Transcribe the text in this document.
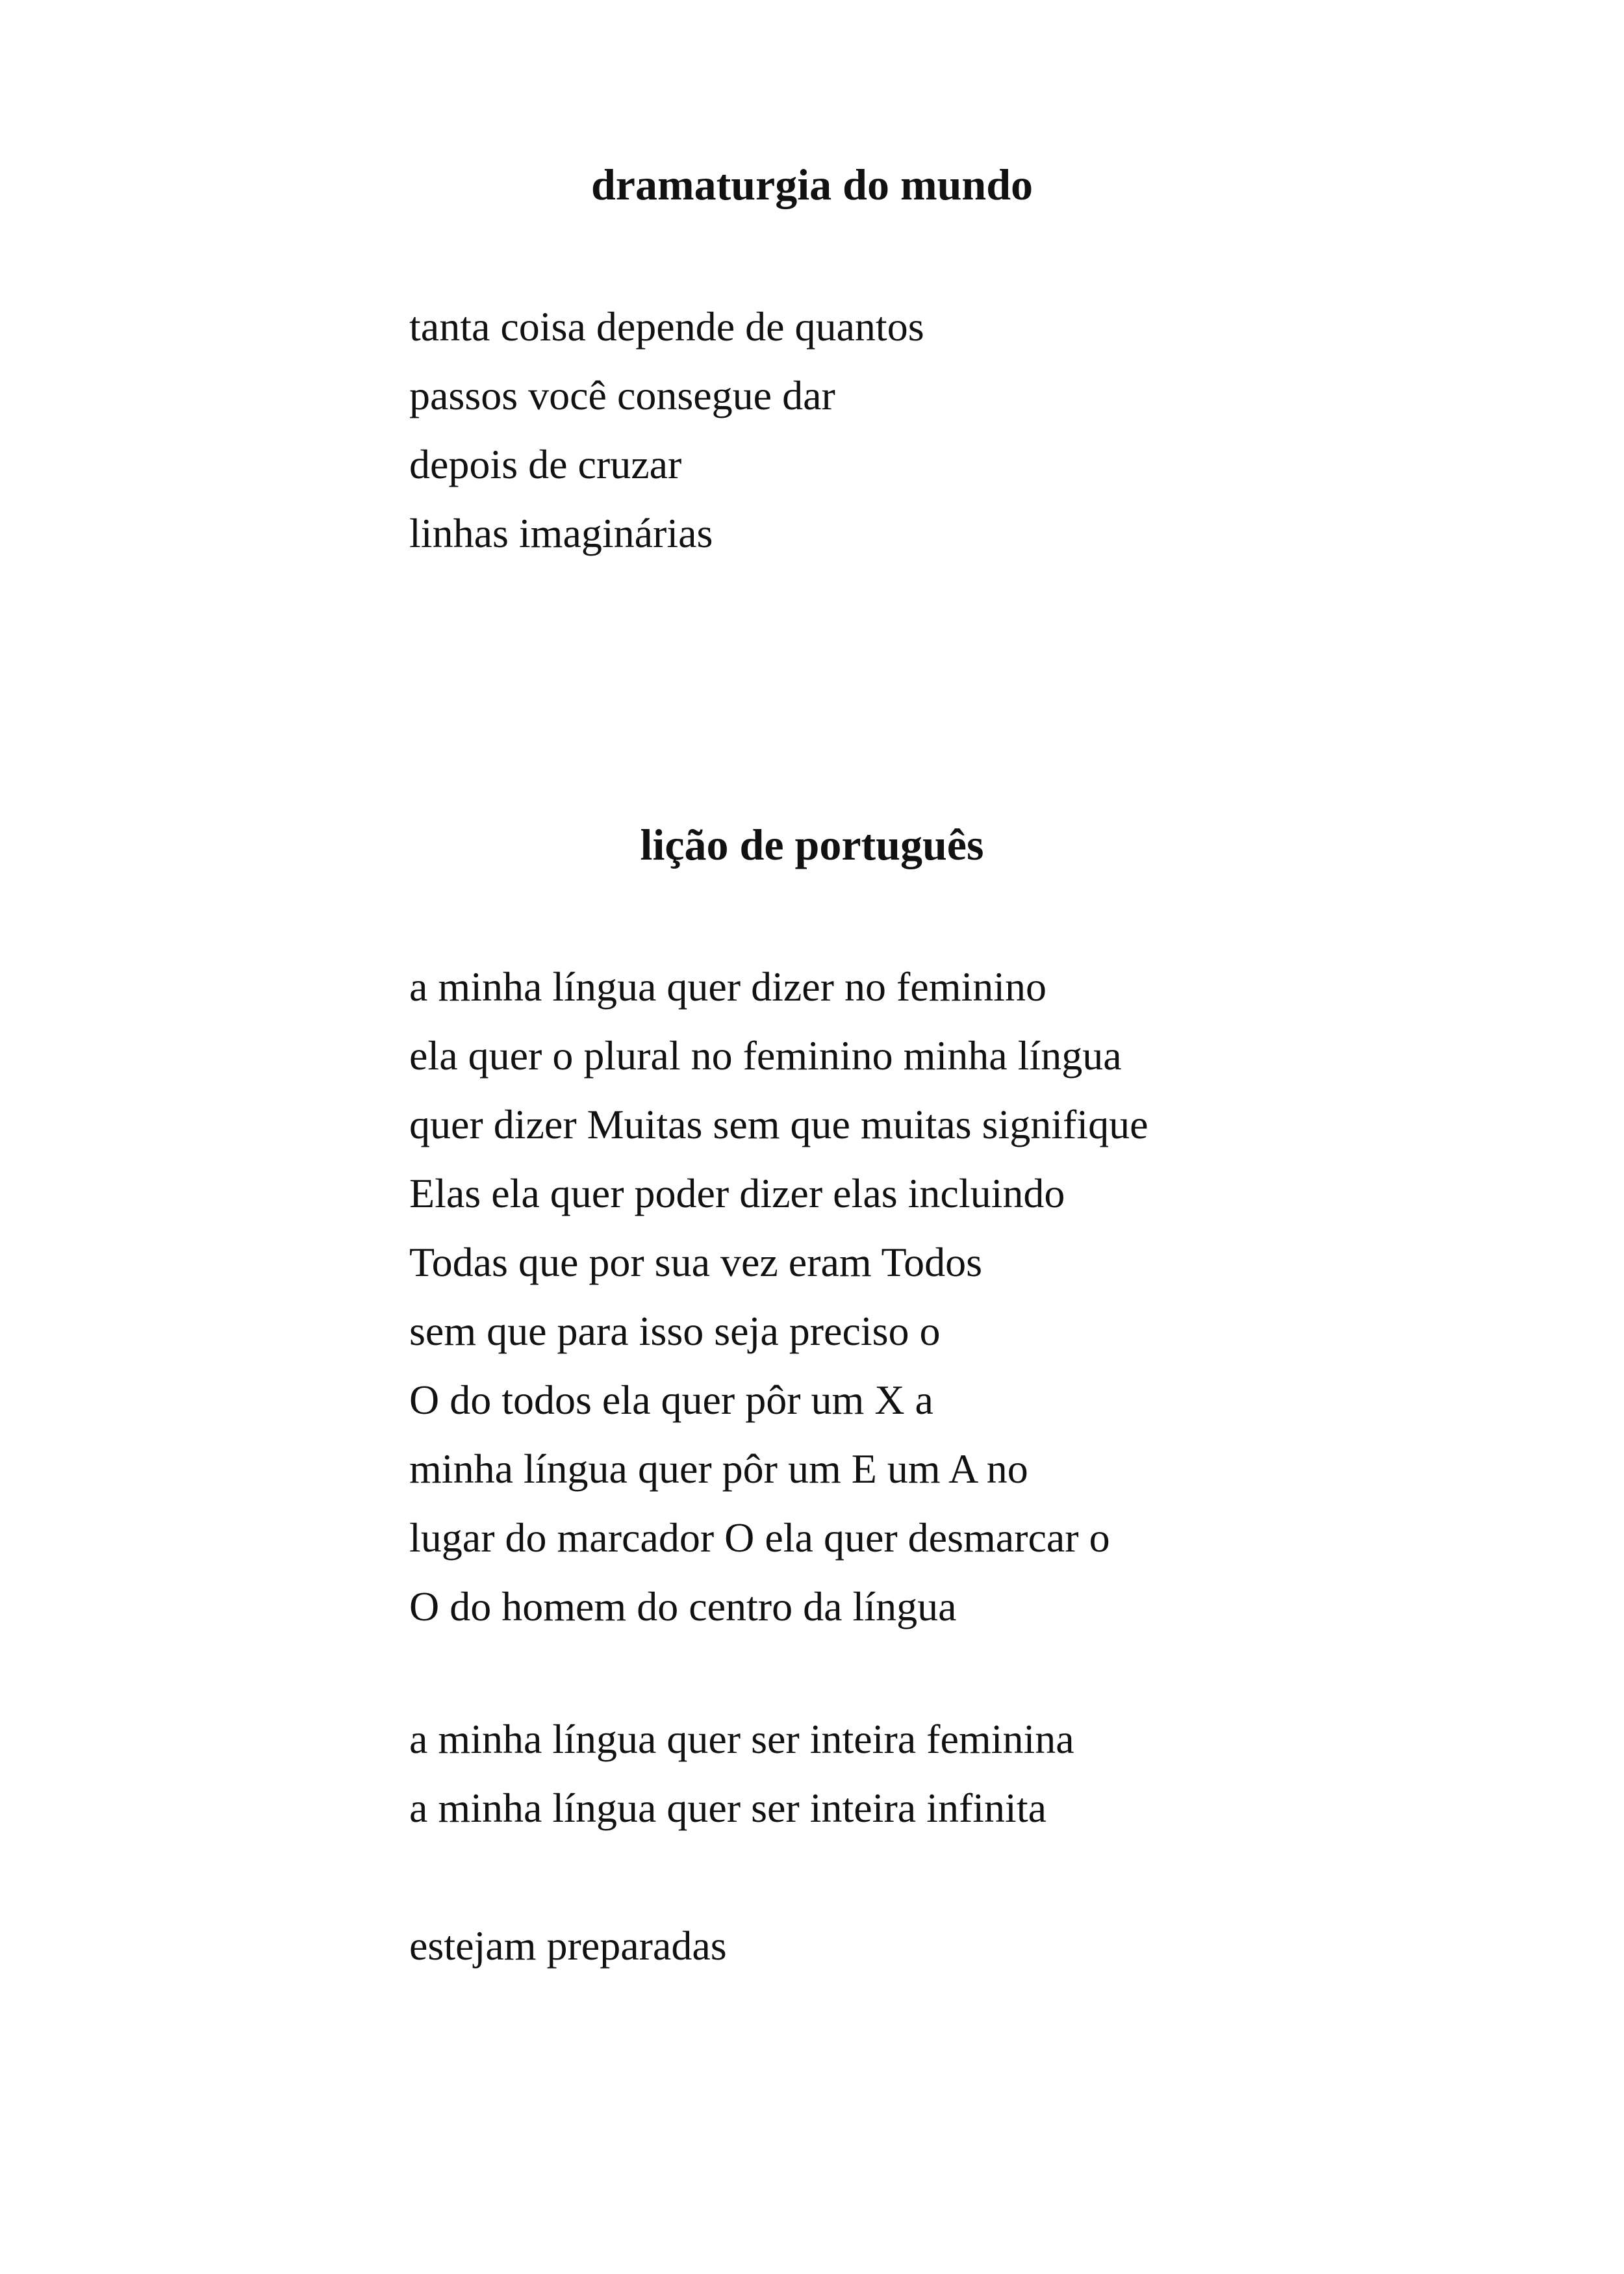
dramaturgia do mundo
tanta coisa depende de quantos
passos você consegue dar
depois de cruzar
linhas imaginárias
lição de português
a minha língua quer dizer no feminino
ela quer o plural no feminino minha língua
quer dizer Muitas sem que muitas signifique
Elas ela quer poder dizer elas incluindo
Todas que por sua vez eram Todos
sem que para isso seja preciso o
O do todos ela quer pôr um X a
minha língua quer pôr um E um A no
lugar do marcador O ela quer desmarcar o
O do homem do centro da língua
a minha língua quer ser inteira feminina
a minha língua quer ser inteira infinita
estejam preparadas
